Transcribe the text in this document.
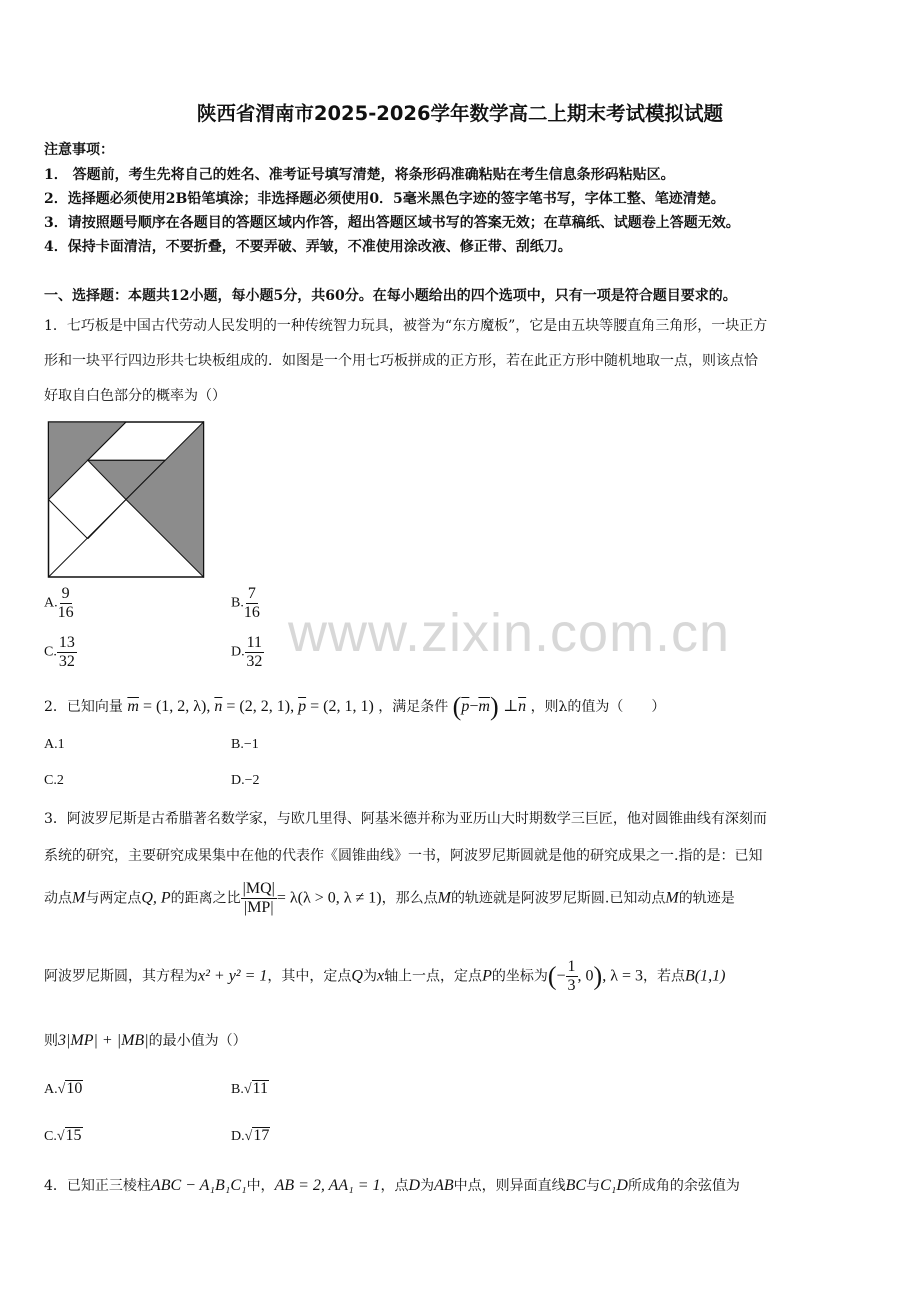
陕西省渭南市2025-2026学年数学高二上期末考试模拟试题
注意事项：
1． 答题前，考生先将自己的姓名、准考证号填写清楚，将条形码准确粘贴在考生信息条形码粘贴区。
2．选择题必须使用2B铅笔填涂；非选择题必须使用0．5毫米黑色字迹的签字笔书写，字体工整、笔迹清楚。
3．请按照题号顺序在各题目的答题区域内作答，超出答题区域书写的答案无效；在草稿纸、试题卷上答题无效。
4．保持卡面清洁，不要折叠，不要弄破、弄皱，不准使用涂改液、修正带、刮纸刀。
一、选择题：本题共12小题，每小题5分，共60分。在每小题给出的四个选项中，只有一项是符合题目要求的。
1．七巧板是中国古代劳动人民发明的一种传统智力玩具，被誉为“东方魔板”，它是由五块等腰直角三角形，一块正方
形和一块平行四边形共七块板组成的．如图是一个用七巧板拼成的正方形，若在此正方形中随机地取一点，则该点恰
好取自白色部分的概率为（）
A. $\frac{9}{16}$	B. $\frac{7}{16}$
C. $\frac{13}{32}$	D. $\frac{11}{32}$ www.zixin.com.cn
2．已知向量 $\overline{m} = (1$, 2, λ), $\overline{n} = (2$, 2, 1), $\overline{p} = (2$, 1, 1) ，满足条件 $(\overline{p}-\overline{m})$ $\perp\overline{n}$ ，则λ的值为（　　）
A.1	B.−1
C.2	D.−2
3．阿波罗尼斯是古希腊著名数学家，与欧几里得、阿基米德并称为亚历山大时期数学三巨匠，他对圆锥曲线有深刻而
系统的研究，主要研究成果集中在他的代表作《圆锥曲线》一书，阿波罗尼斯圆就是他的研究成果之一.指的是：已知
动点M与两定点Q, P的距离之比 $\frac{|MQ|}{|MP|} = \lambda(\lambda > 0$, λ ≠ 1)，那么点M的轨迹就是阿波罗尼斯圆.已知动点M的轨迹是
阿波罗尼斯圆，其方程为x² + y² = 1，其中，定点Q为x轴上一点，定点P的坐标为(− $\frac{1}{3}$ , 0), λ = 3，若点B(1,1)
则3|MP| + |MB|的最小值为（）
A.√10	B.√11
C.√15	D.√17
4．已知正三棱柱ABC − A₁B₁C₁中，AB = 2, AA₁ = 1，点D为AB中点，则异面直线BC与C₁D所成角的余弦值为
